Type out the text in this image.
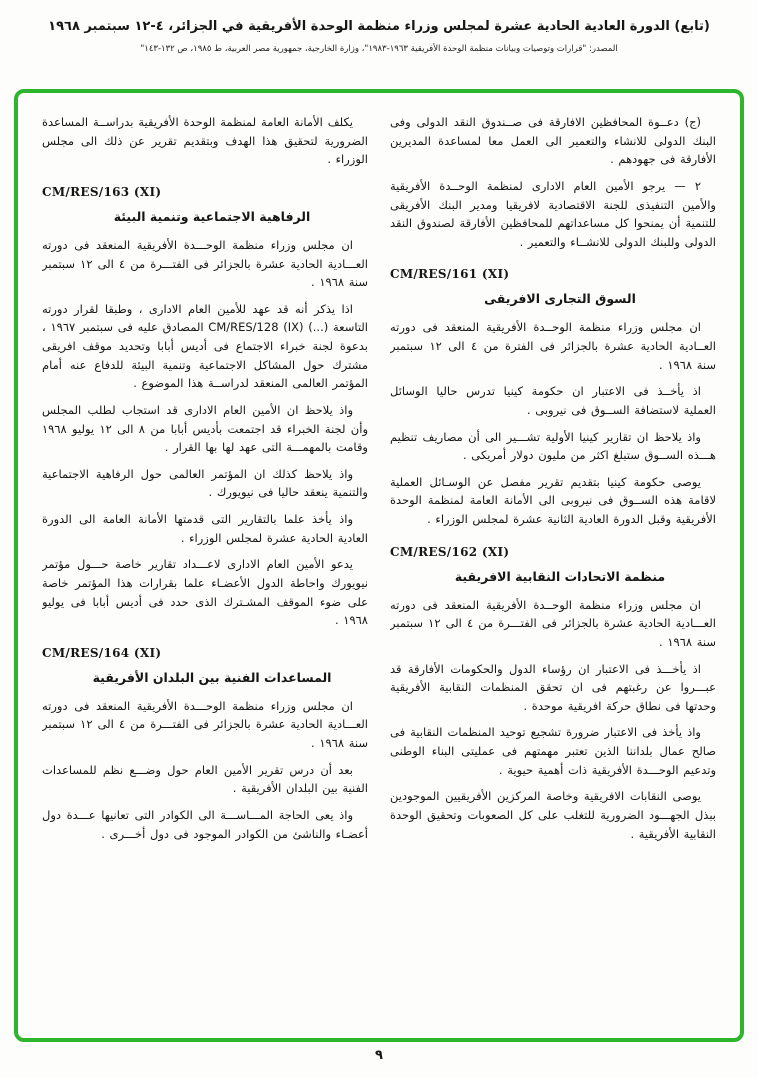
(تابع) الدورة العادية الحادية عشرة لمجلس وزراء منظمة الوحدة الأفريقية في الجزائر، ٤-١٢ سبتمبر ١٩٦٨
المصدر: "قرارات وتوصيات وبيانات منظمة الوحدة الأفريقية ١٩٦٣-١٩٨٣"، وزارة الخارجية، جمهورية مصر العربية، ط ١٩٨٥، ص ١٣٢-١٤٣"
(ج) دعــوة المحافظين الافارقة فى صــندوق النقد الدولى وفى البنك الدولى للانشاء والتعمير الى العمل معا لمساعدة المديرين الأفارقة فى جهودهم .
٢ — يرجو الأمين العام الادارى لمنظمة الوحــدة الأفريقية والأمين التنفيذى للجنة الاقتصادية لافريقيا ومدير البنك الأفريقى للتنمية أن يمنحوا كل مساعداتهم للمحافظين الأفارقة لصندوق النقد الدولى وللبنك الدولى للانشــاء والتعمير .
CM/RES/161 (XI)
السوق التجارى الافريقى
ان مجلس وزراء منظمة الوحــدة الأفريقية المنعقد فى دورته العــادية الحادية عشرة بالجزائر فى الفترة من ٤ الى ١٢ سبتمبر سنة ١٩٦٨ .
اذ يأخــذ فى الاعتبار ان حكومة كينيا تدرس حاليا الوسائل العملية لاستضافة الســوق فى نيروبى .
واذ يلاحظ ان تقارير كينيا الأولية تشـــير الى أن مصاريف تنظيم هـــذه الســوق ستبلغ اكثر من مليون دولار أمريكى .
يوصى حكومة كينيا بتقديم تقرير مفصل عن الوسـائل العملية لاقامة هذه الســوق فى نيروبى الى الأمانة العامة لمنظمة الوحدة الأفريقية وقبل الدورة العادية الثانية عشرة لمجلس الوزراء .
CM/RES/162 (XI)
منظمة الاتحادات النقابية الافريقية
ان مجلس وزراء منظمة الوحــدة الأفريقية المنعقد فى دورته العـــادية الحادية عشرة بالجزائر فى الفتـــرة من ٤ الى ١٢ سبتمبر سنة ١٩٦٨ .
اذ يأخـــذ فى الاعتبار ان رؤساء الدول والحكومات الأفارقة قد عبـــروا عن رغبتهم فى ان تحقق المنظمات النقابية الأفريقية وحدتها فى نطاق حركة افريقية موحدة .
واذ يأخذ فى الاعتبار ضرورة تشجيع توحيد المنظمات النقابية فى صالح عمال بلداننا الذين تعتبر مهمتهم فى عمليتى البناء الوطنى وتدعيم الوحـــدة الأفريقية ذات أهمية حيوية .
يوصى النقابات الافريقية وخاصة المركزين الأفريقيين الموجودين ببذل الجهـــود الضرورية للتغلب على كل الصعوبات وتحقيق الوحدة النقابية الأفريقية .
يكلف الأمانة العامة لمنظمة الوحدة الأفريقية بدراســة المساعدة الضرورية لتحقيق هذا الهدف وبتقديم تقرير عن ذلك الى مجلس الوزراء .
CM/RES/163 (XI)
الرفاهية الاجتماعية وتنمية البيئة
ان مجلس وزراء منظمة الوحـــدة الأفريقية المنعقد فى دورته العـــادية الحادية عشرة بالجزائر فى الفتـــرة من ٤ الى ١٢ سبتمبر سنة ١٩٦٨ .
اذا يذكر أنه قد عهد للأمين العام الادارى ، وطبقا لقرار دورته التاسعة (...) CM/RES/128 (IX) المصادق عليه فى سبتمبر ١٩٦٧ ، بدعوة لجنة خبراء الاجتماع فى أديس أبابا وتحديد موقف افريقى مشترك حول المشاكل الاجتماعية وتنمية البيئة للدفاع عنه أمام المؤتمر العالمى المنعقد لدراســة هذا الموضوع .
واذ يلاحظ ان الأمين العام الادارى قد استجاب لطلب المجلس وأن لجنة الخبراء قد اجتمعت بأديس أبابا من ٨ الى ١٢ يوليو ١٩٦٨ وقامت بالمهمـــة التى عهد لها بها القرار .
واذ يلاحظ كذلك ان المؤتمر العالمى حول الرفاهية الاجتماعية والتنمية ينعقد حاليا فى نيويورك .
واذ يأخذ علما بالتقارير التى قدمتها الأمانة العامة الى الدورة العادية الحادية عشرة لمجلس الوزراء .
يدعو الأمين العام الادارى لاعـــداد تقارير خاصة حـــول مؤتمر نيويورك واحاطة الدول الأعضـاء علما بقرارات هذا المؤتمر خاصة على ضوء الموقف المشـترك الذى حدد فى أديس أبابا فى يوليو ١٩٦٨ .
CM/RES/164 (XI)
المساعدات الفنية بين البلدان الأفريقية
ان مجلس وزراء منظمة الوحـــدة الأفريقية المنعقد فى دورته العـــادية الحادية عشرة بالجزائر فى الفتـــرة من ٤ الى ١٢ سبتمبر سنة ١٩٦٨ .
بعد أن درس تقرير الأمين العام حول وضـــع نظم للمساعدات الفنية بين البلدان الأفريقية .
واذ يعى الحاجة المـــاســـة الى الكوادر التى تعانيها عـــدة دول أعضـاء والناشئ من الكوادر الموجود فى دول أخـــرى .
٩
